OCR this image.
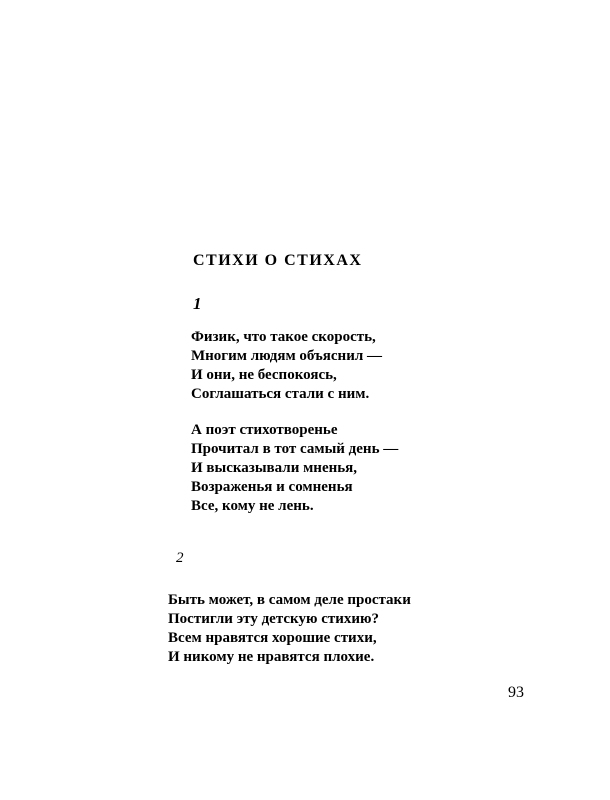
СТИХИ О СТИХАХ
1
Физик, что такое скорость,
Многим людям объяснил —
И они, не беспокоясь,
Соглашаться стали с ним.
А поэт стихотворенье
Прочитал в тот самый день —
И высказывали мненья,
Возраженья и сомненья
Все, кому не лень.
2
Быть может, в самом деле простаки
Постигли эту детскую стихию?
Всем нравятся хорошие стихи,
И никому не нравятся плохие.
93
